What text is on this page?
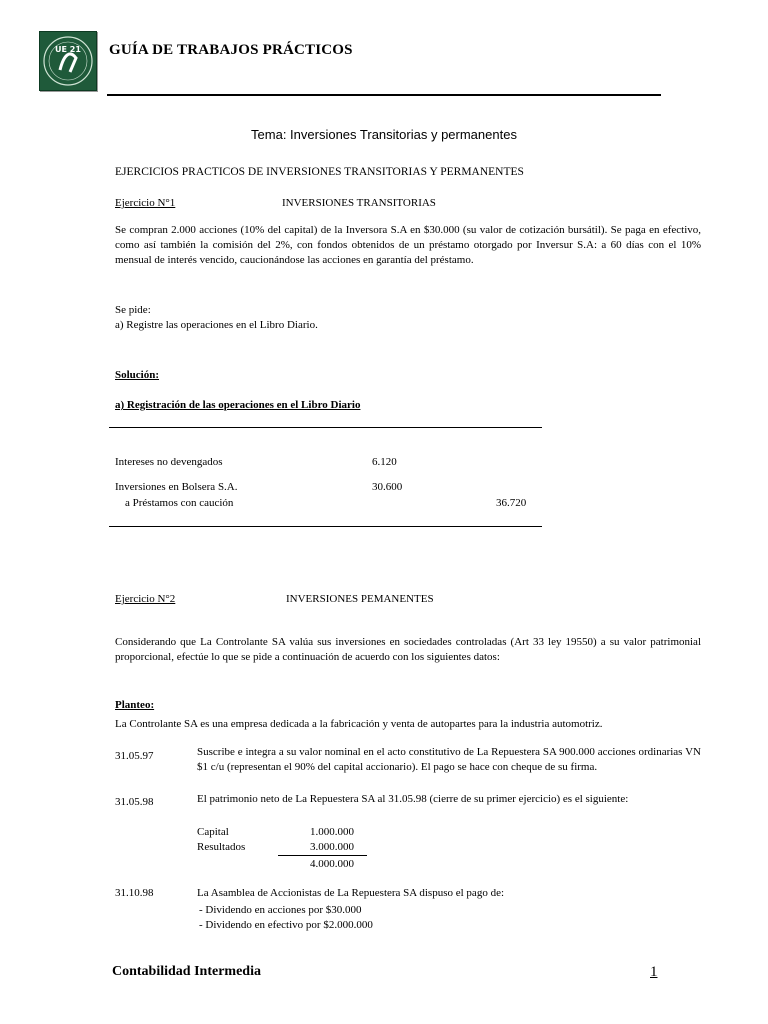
UE 21 GUÍA DE TRABAJOS PRÁCTICOS
Tema: Inversiones Transitorias y permanentes
EJERCICIOS PRACTICOS DE INVERSIONES TRANSITORIAS Y PERMANENTES
Ejercicio N°1	INVERSIONES TRANSITORIAS
Se compran 2.000 acciones (10% del capital) de la Inversora S.A en $30.000 (su valor de cotización bursátil). Se paga en efectivo, como así también la comisión del 2%, con fondos obtenidos de un préstamo otorgado por Inversur S.A: a 60 días con el 10% mensual de interés vencido, caucionándose las acciones en garantía del préstamo.
Se pide:
a) Registre las operaciones en el Libro Diario.
Solución:
a) Registración de las operaciones en el Libro Diario
Intereses no devengados	6.120
Inversiones en Bolsera S.A.	30.600
a Préstamos con caución	36.720
Ejercicio N°2	INVERSIONES PEMANENTES
Considerando que La Controlante SA valúa sus inversiones en sociedades controladas (Art 33 ley 19550) a su valor patrimonial proporcional, efectúe lo que se pide a continuación de acuerdo con los siguientes datos:
Planteo:
La Controlante SA es una empresa dedicada a la fabricación y venta de autopartes para la industria automotriz.
31.05.97	Suscribe e integra a su valor nominal en el acto constitutivo de La Repuestera SA 900.000 acciones ordinarias VN $1 c/u (representan el 90% del capital accionario). El pago se hace con cheque de su firma.
31.05.98	El patrimonio neto de La Repuestera SA al 31.05.98 (cierre de su primer ejercicio) es el siguiente:
Capital	1.000.000
Resultados	3.000.000
4.000.000
31.10.98	La Asamblea de Accionistas de La Repuestera SA dispuso el pago de:
- Dividendo en acciones por $30.000
- Dividendo en efectivo por $2.000.000
Contabilidad Intermedia	1
